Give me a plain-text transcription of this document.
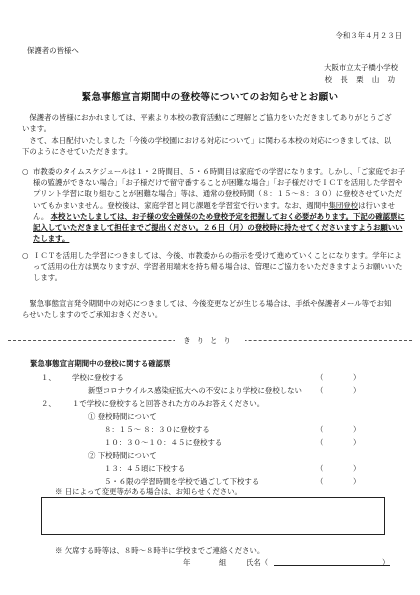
令和３年４月２３日
保護者の皆様へ
大阪市立太子橋小学校
校 長 栗 山 功
緊急事態宣言期間中の登校等についてのお知らせとお願い
保護者の皆様におかれましては、平素より本校の教育活動にご理解とご協力をいただきましてありがとうございます。
さて、本日配付いたしました「今後の学校園における対応について」に関わる本校の対応につきましては、以下のようにさせていただきます。
○ 市教委のタイムスケジュールは１・２時間目、５・６時間目は家庭での学習になります。しかし、「ご家庭でお子様の監護ができない場合」「お子様だけで留守番することが困難な場合」「お子様だけでＩＣＴを活用した学習やプリント学習に取り組むことが困難な場合」等は、通常の登校時間（８：１５〜８：３０）に登校させていただいてもかまいません。登校後は、家庭学習と同じ課題を学習室で行います。なお、週間中集団登校は行いません。 本校といたしましては、お子様の安全確保のため登校予定を把握しておく必要があります。下記の確認票に記入していただきまして担任までご提出ください。２６日（月）の登校時に持たせてくださいますようお願いいたします。
○ ＩＣＴを活用した学習につきましては、今後、市教委からの指示を受けて進めていくことになります。学年によって活用の仕方は異なりますが、学習者用端末を持ち帰る場合は、管理にご協力をいただきますようお願いいたします。
緊急事態宣言発令期間中の対応につきましては、今後変更などが生じる場合は、手紙や保護者メール等でお知らせいたしますのでご承知おきください。
きりとり
緊急事態宣言期間中の登校に関する確認票
１、 学校に登校する	（　　　　）
新型コロナウイルス感染症拡大への不安により学校に登校しない （　　　　）
２、 １で学校に登校すると回答された方のみお答えください。
① 登校時間について
８：１５〜 ８：３０に登校する	（　　　　）
１０：３０〜１０：４５に登校する	（　　　　）
② 下校時間について
１３：４５頃に下校する	（　　　　）
５・６限の学習時間を学校で過ごして下校する	（　　　　）
※ 日によって変更等がある場合は、お知らせください。
※ 欠席する時等は、８時〜８時半に学校までご連絡ください。
年	組	氏名（	）
